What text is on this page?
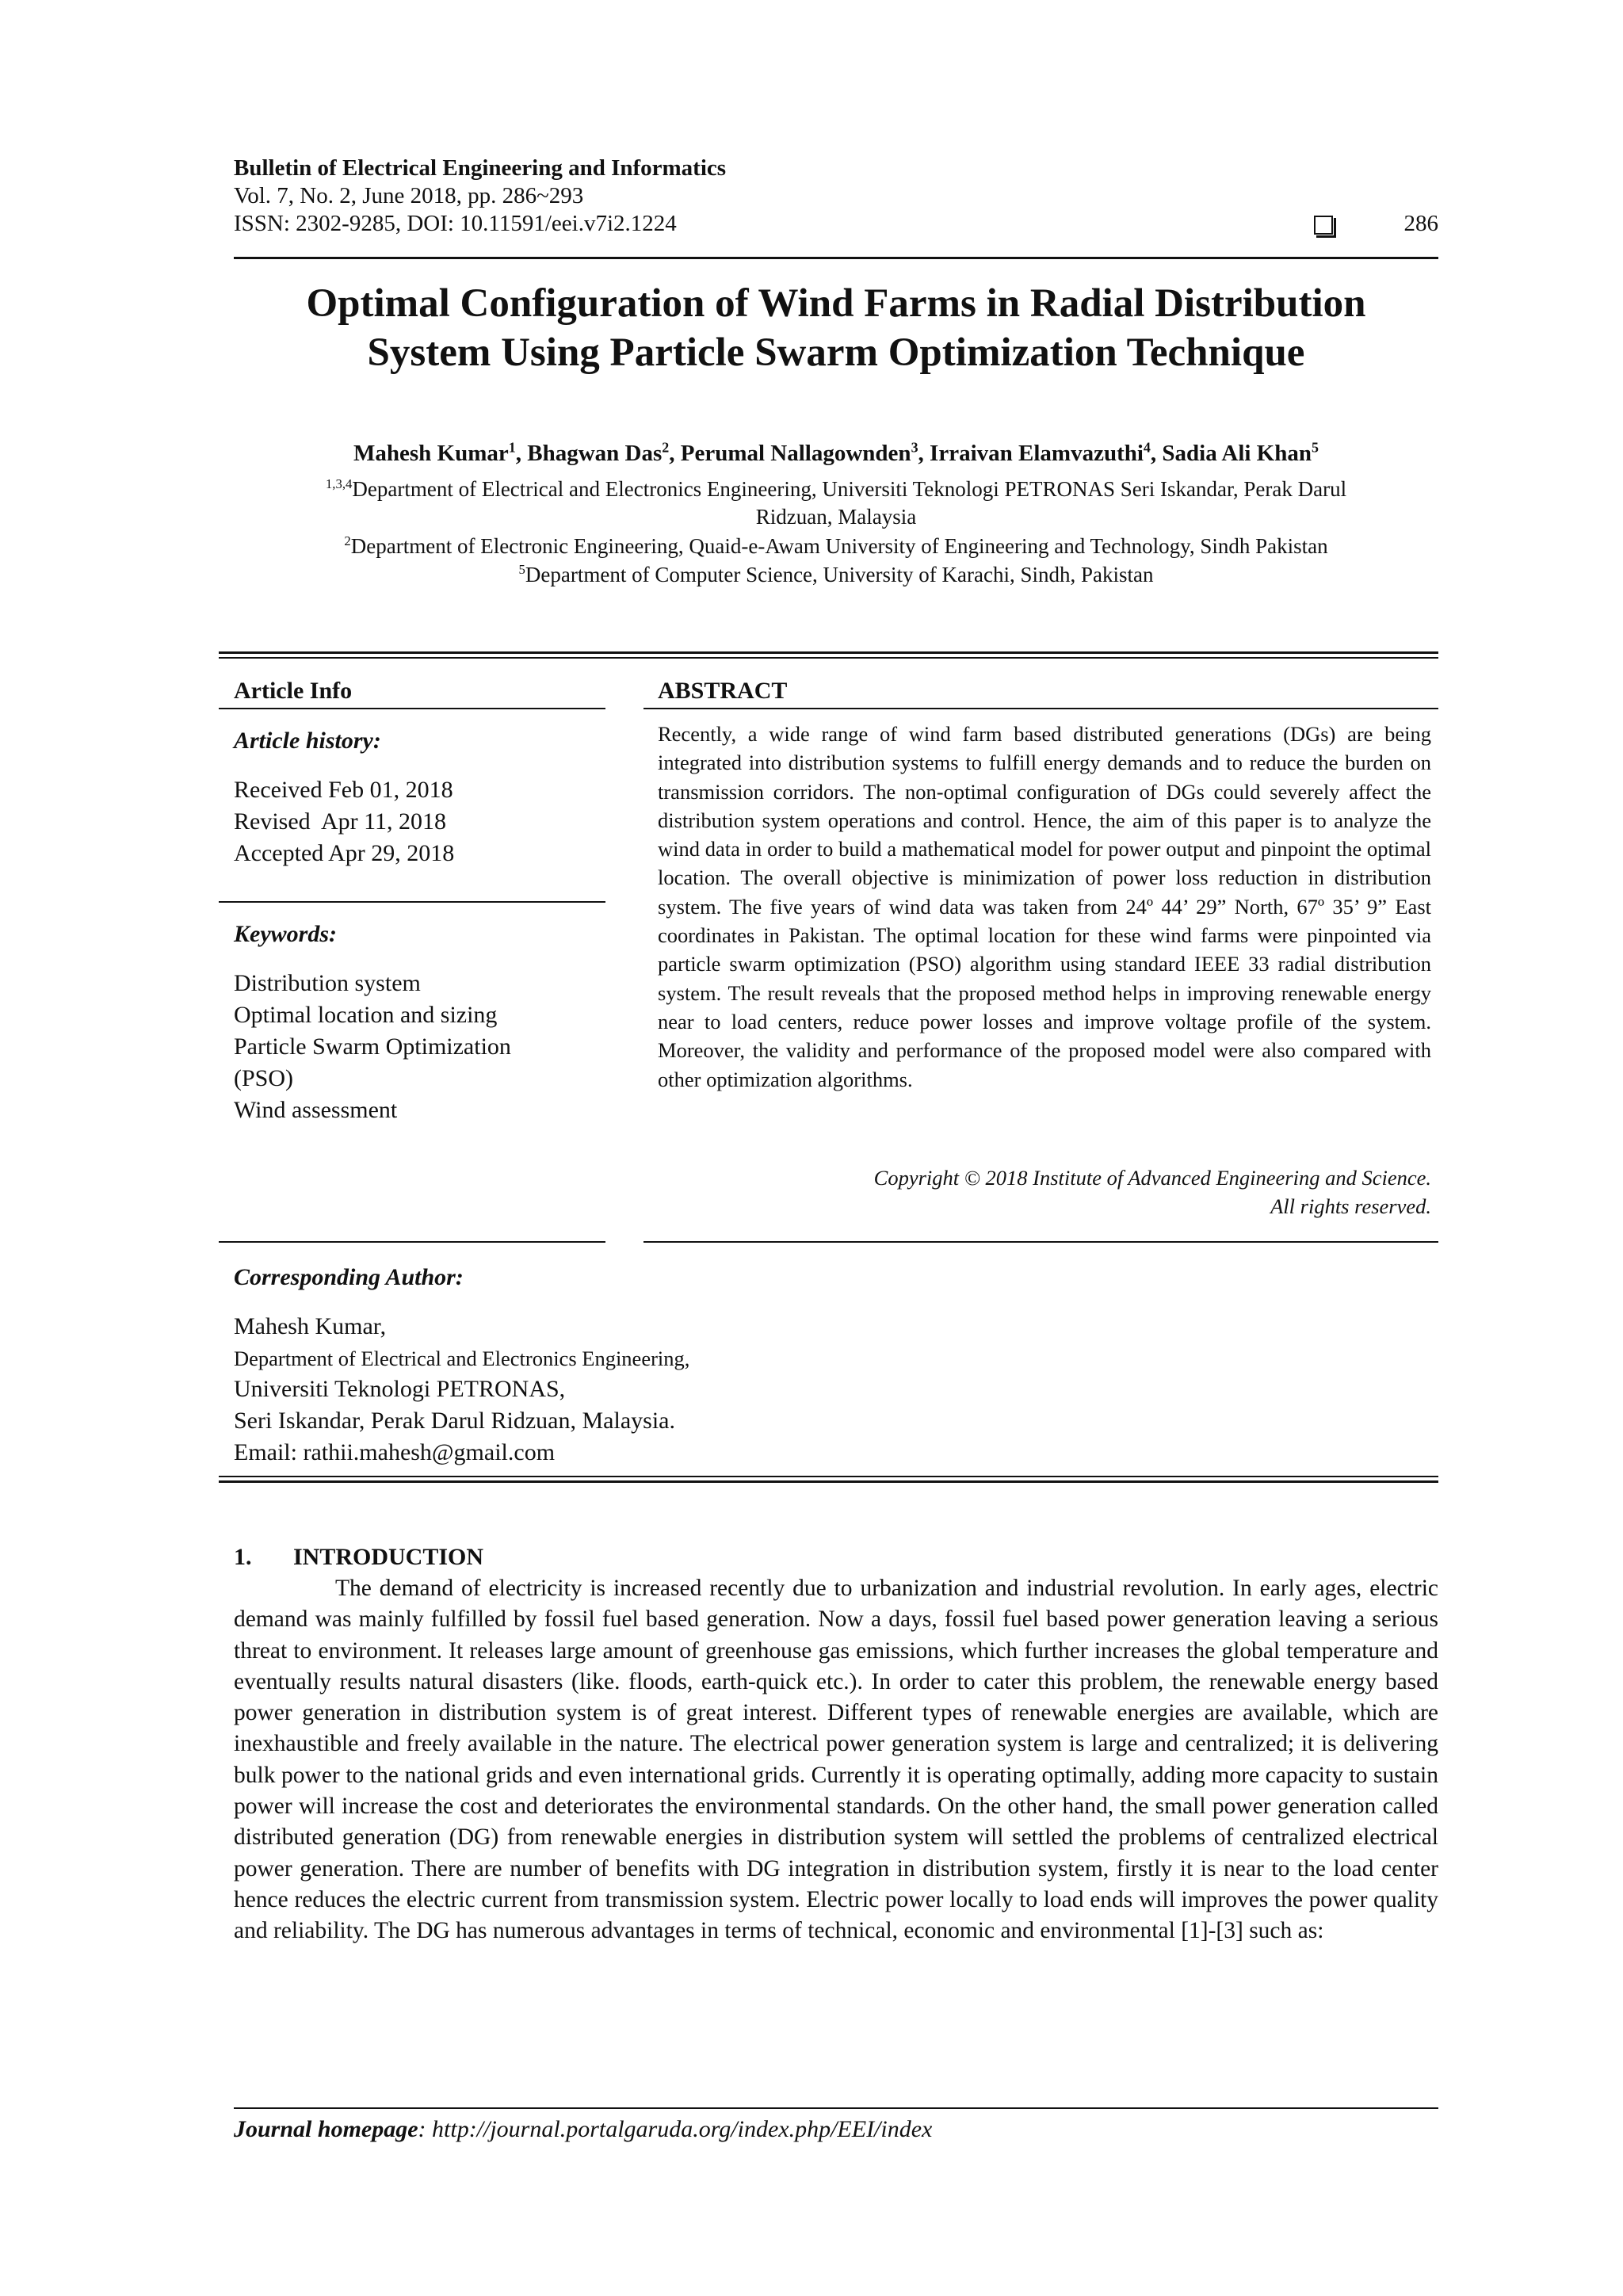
Bulletin of Electrical Engineering and Informatics
Vol. 7, No. 2, June 2018, pp. 286~293
ISSN: 2302-9285, DOI: 10.11591/eei.v7i2.1224	286
Optimal Configuration of Wind Farms in Radial Distribution
System Using Particle Swarm Optimization Technique
Mahesh Kumar$^1$, Bhagwan Das$^2$, Perumal Nallagownden$^3$, Irraivan Elamvazuthi$^4$, Sadia Ali Khan$^5$
$^{1,3,4}$Department of Electrical and Electronics Engineering, Universiti Teknologi PETRONAS Seri Iskandar, Perak Darul
Ridzuan, Malaysia
$^2$Department of Electronic Engineering, Quaid-e-Awam University of Engineering and Technology, Sindh Pakistan
$^5$Department of Computer Science, University of Karachi, Sindh, Pakistan
Article Info
Article history:
Received Feb 01, 2018
Revised  Apr 11, 2018
Accepted Apr 29, 2018
Keywords:
Distribution system
Optimal location and sizing
Particle Swarm Optimization
(PSO)
Wind assessment
ABSTRACT
Recently, a wide range of wind farm based distributed generations (DGs) are being integrated into distribution systems to fulfill energy demands and to reduce the burden on transmission corridors. The non-optimal configuration of DGs could severely affect the distribution system operations and control. Hence, the aim of this paper is to analyze the wind data in order to build a mathematical model for power output and pinpoint the optimal location. The overall objective is minimization of power loss reduction in distribution system. The five years of wind data was taken from 24º 44’ 29” North, 67º 35’ 9” East coordinates in Pakistan. The optimal location for these wind farms were pinpointed via particle swarm optimization (PSO) algorithm using standard IEEE 33 radial distribution system. The result reveals that the proposed method helps in improving renewable energy near to load centers, reduce power losses and improve voltage profile of the system. Moreover, the validity and performance of the proposed model were also compared with other optimization algorithms.
Copyright © 2018 Institute of Advanced Engineering and Science.
All rights reserved.
Corresponding Author:
Mahesh Kumar,
Department of Electrical and Electronics Engineering,
Universiti Teknologi PETRONAS,
Seri Iskandar, Perak Darul Ridzuan, Malaysia.
Email: rathii.mahesh@gmail.com
1. INTRODUCTION
The demand of electricity is increased recently due to urbanization and industrial revolution. In early ages, electric demand was mainly fulfilled by fossil fuel based generation. Now a days, fossil fuel based power generation leaving a serious threat to environment. It releases large amount of greenhouse gas emissions, which further increases the global temperature and eventually results natural disasters (like. floods, earth-quick etc.). In order to cater this problem, the renewable energy based power generation in distribution system is of great interest. Different types of renewable energies are available, which are inexhaustible and freely available in the nature. The electrical power generation system is large and centralized; it is delivering bulk power to the national grids and even international grids. Currently it is operating optimally, adding more capacity to sustain power will increase the cost and deteriorates the environmental standards. On the other hand, the small power generation called distributed generation (DG) from renewable energies in distribution system will settled the problems of centralized electrical power generation. There are number of benefits with DG integration in distribution system, firstly it is near to the load center hence reduces the electric current from transmission system. Electric power locally to load ends will improves the power quality and reliability. The DG has numerous advantages in terms of technical, economic and environmental [1]-[3] such as:
Journal homepage: http://journal.portalgaruda.org/index.php/EEI/index
